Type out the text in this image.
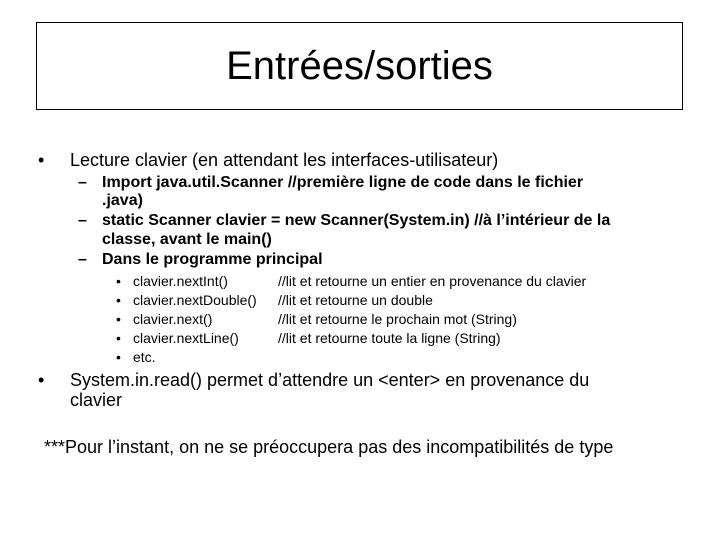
Entrées/sorties
• Lecture clavier (en attendant les interfaces-utilisateur)
– Import java.util.Scanner //première ligne de code dans le fichier
.java)
– static Scanner clavier = new Scanner(System.in) //à l’intérieur de la
classe, avant le main()
– Dans le programme principal
• clavier.nextInt()	//lit et retourne un entier en provenance du clavier
• clavier.nextDouble() //lit et retourne un double
• clavier.next()	//lit et retourne le prochain mot (String)
• clavier.nextLine()	//lit et retourne toute la ligne (String)
• etc.
• System.in.read() permet d’attendre un <enter> en provenance du
clavier
***Pour l’instant, on ne se préoccupera pas des incompatibilités de type
